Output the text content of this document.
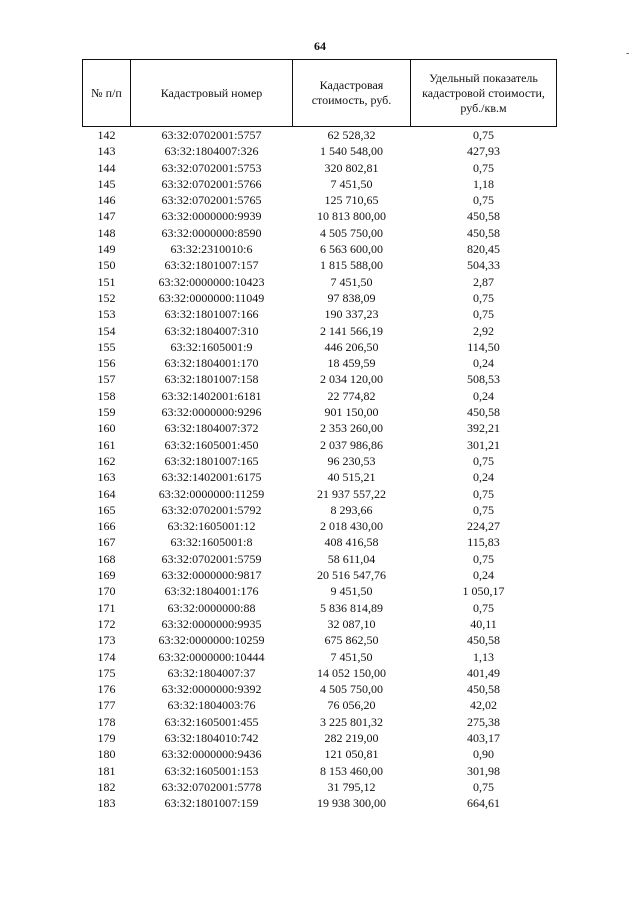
64
-
№ п/п	Кадастровый номер	Кадастровая стоимость, руб.	Удельный показатель кадастровой стоимости, руб./кв.м
142	63:32:0702001:5757	62 528,32	0,75
143	63:32:1804007:326	1 540 548,00	427,93
144	63:32:0702001:5753	320 802,81	0,75
145	63:32:0702001:5766	7 451,50	1,18
146	63:32:0702001:5765	125 710,65	0,75
147	63:32:0000000:9939	10 813 800,00	450,58
148	63:32:0000000:8590	4 505 750,00	450,58
149	63:32:2310010:6	6 563 600,00	820,45
150	63:32:1801007:157	1 815 588,00	504,33
151	63:32:0000000:10423	7 451,50	2,87
152	63:32:0000000:11049	97 838,09	0,75
153	63:32:1801007:166	190 337,23	0,75
154	63:32:1804007:310	2 141 566,19	2,92
155	63:32:1605001:9	446 206,50	114,50
156	63:32:1804001:170	18 459,59	0,24
157	63:32:1801007:158	2 034 120,00	508,53
158	63:32:1402001:6181	22 774,82	0,24
159	63:32:0000000:9296	901 150,00	450,58
160	63:32:1804007:372	2 353 260,00	392,21
161	63:32:1605001:450	2 037 986,86	301,21
162	63:32:1801007:165	96 230,53	0,75
163	63:32:1402001:6175	40 515,21	0,24
164	63:32:0000000:11259	21 937 557,22	0,75
165	63:32:0702001:5792	8 293,66	0,75
166	63:32:1605001:12	2 018 430,00	224,27
167	63:32:1605001:8	408 416,58	115,83
168	63:32:0702001:5759	58 611,04	0,75
169	63:32:0000000:9817	20 516 547,76	0,24
170	63:32:1804001:176	9 451,50	1 050,17
171	63:32:0000000:88	5 836 814,89	0,75
172	63:32:0000000:9935	32 087,10	40,11
173	63:32:0000000:10259	675 862,50	450,58
174	63:32:0000000:10444	7 451,50	1,13
175	63:32:1804007:37	14 052 150,00	401,49
176	63:32:0000000:9392	4 505 750,00	450,58
177	63:32:1804003:76	76 056,20	42,02
178	63:32:1605001:455	3 225 801,32	275,38
179	63:32:1804010:742	282 219,00	403,17
180	63:32:0000000:9436	121 050,81	0,90
181	63:32:1605001:153	8 153 460,00	301,98
182	63:32:0702001:5778	31 795,12	0,75
183	63:32:1801007:159	19 938 300,00	664,61
